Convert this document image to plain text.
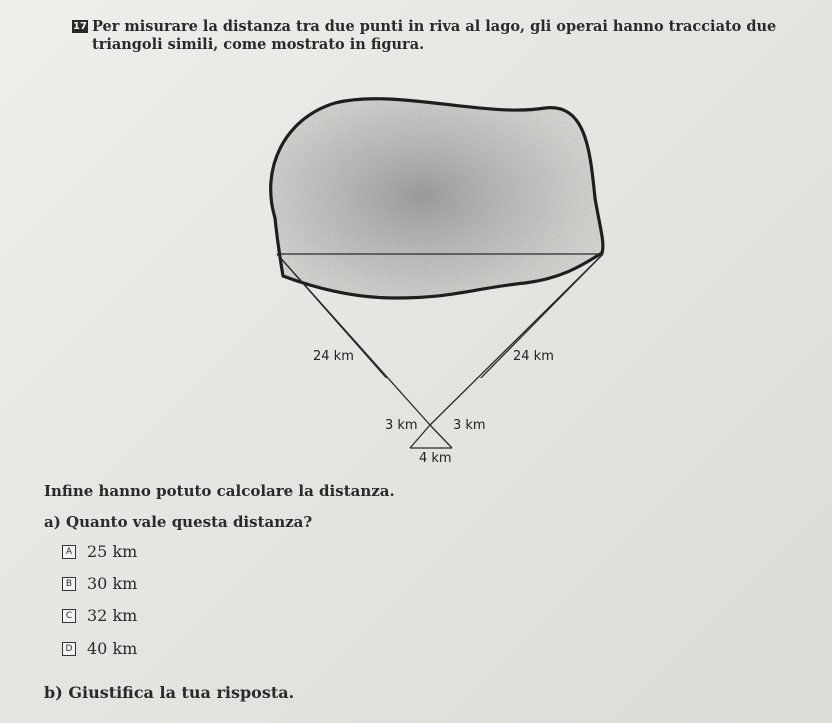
17 Per misurare la distanza tra due punti in riva al lago, gli operai hanno tracciato due triangoli simili, come mostrato in figura.
24 km	24 km
3 km	3 km
4 km
Infine hanno potuto calcolare la distanza.
a) Quanto vale questa distanza?
A 25 km
B 30 km
C 32 km
D 40 km
b) Giustifica la tua risposta.
